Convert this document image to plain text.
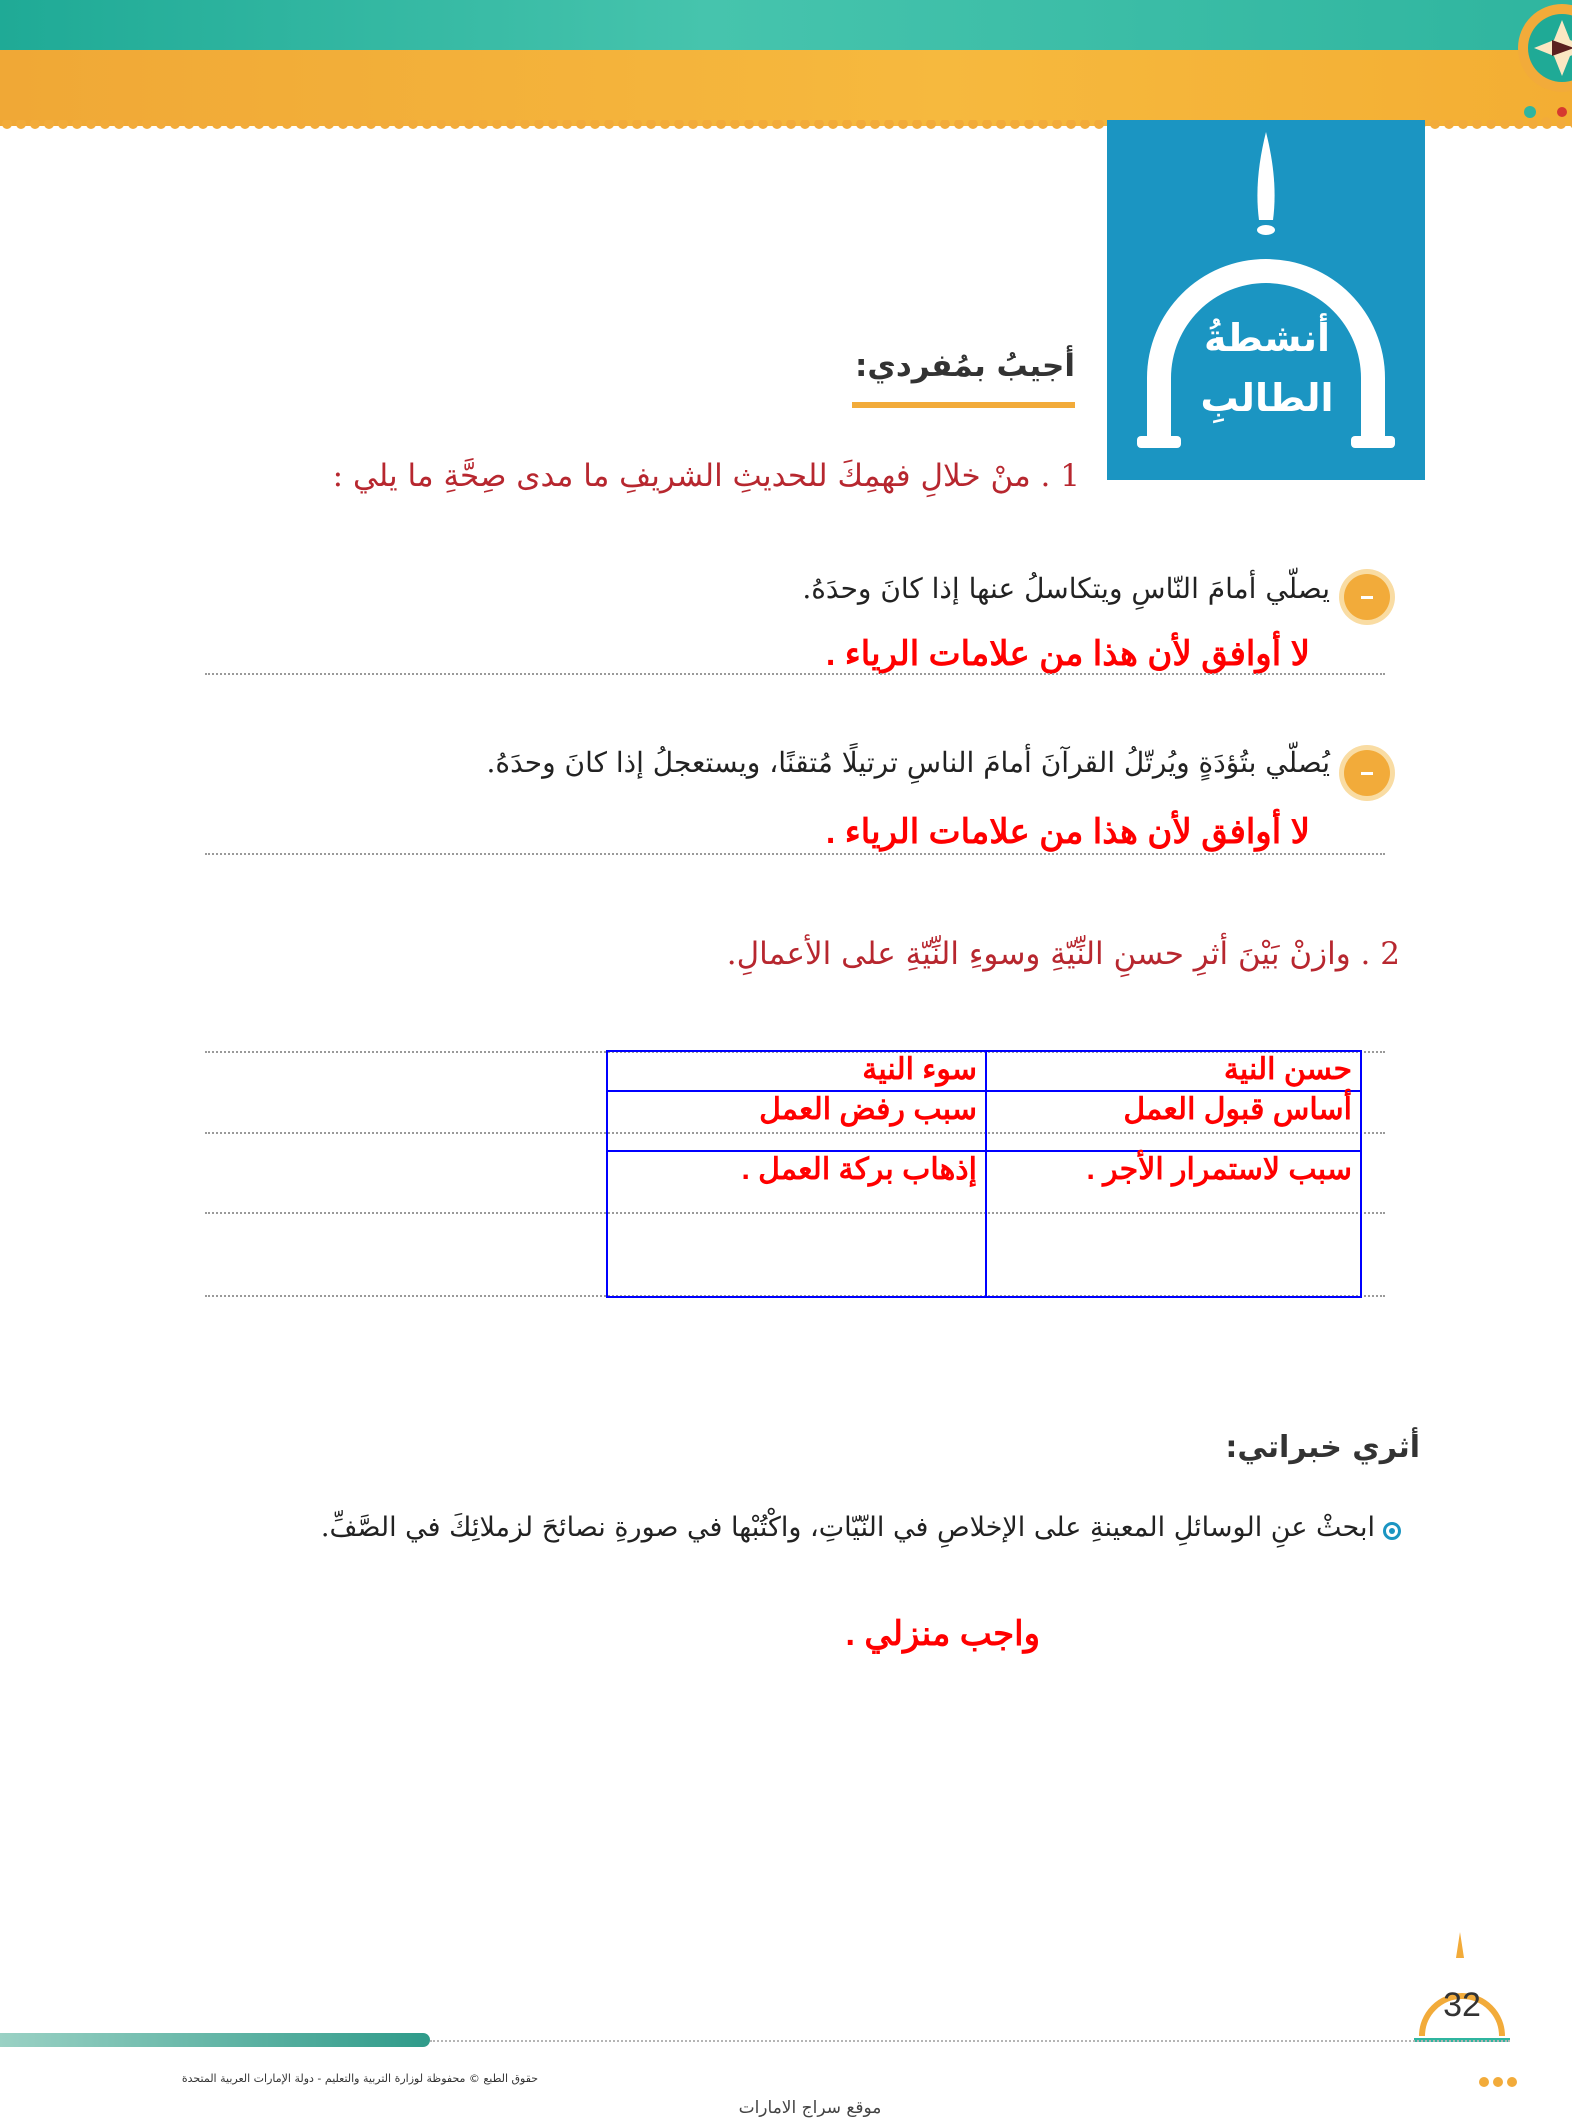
أنشطةُ
الطالبِ
أجيبُ بمُفردي:
1 . منْ خلالِ فهمِكَ للحديثِ الشريفِ ما مدى صِحَّةِ ما يلي :
يصلّي أمامَ النّاسِ ويتكاسلُ عنها إذا كانَ وحدَهُ.
لا أوافق لأن هذا من علامات الرياء .
يُصلّي بتُؤدَةٍ ويُرتّلُ القرآنَ أمامَ الناسِ ترتيلًا مُتقنًا، ويستعجلُ إذا كانَ وحدَهُ.
لا أوافق لأن هذا من علامات الرياء .
2 . وازنْ بَيْنَ أثرِ حسنِ النِّيّةِ وسوءِ النِّيّةِ على الأعمالِ.
حسن النية	سوء النية
أساس قبول العمل	سبب رفض العمل
سبب لاستمرار الأجر .	إذهاب بركة العمل .
أثري خبراتي:
ابحثْ عنِ الوسائلِ المعينةِ على الإخلاصِ في النّيّاتِ، واكْتُبْها في صورةِ نصائحَ لزملائِكَ في الصَّفِّ.
واجب منزلي .
32
حقوق الطبع © محفوظة لوزارة التربية والتعليم - دولة الإمارات العربية المتحدة
موقع سراج الامارات
